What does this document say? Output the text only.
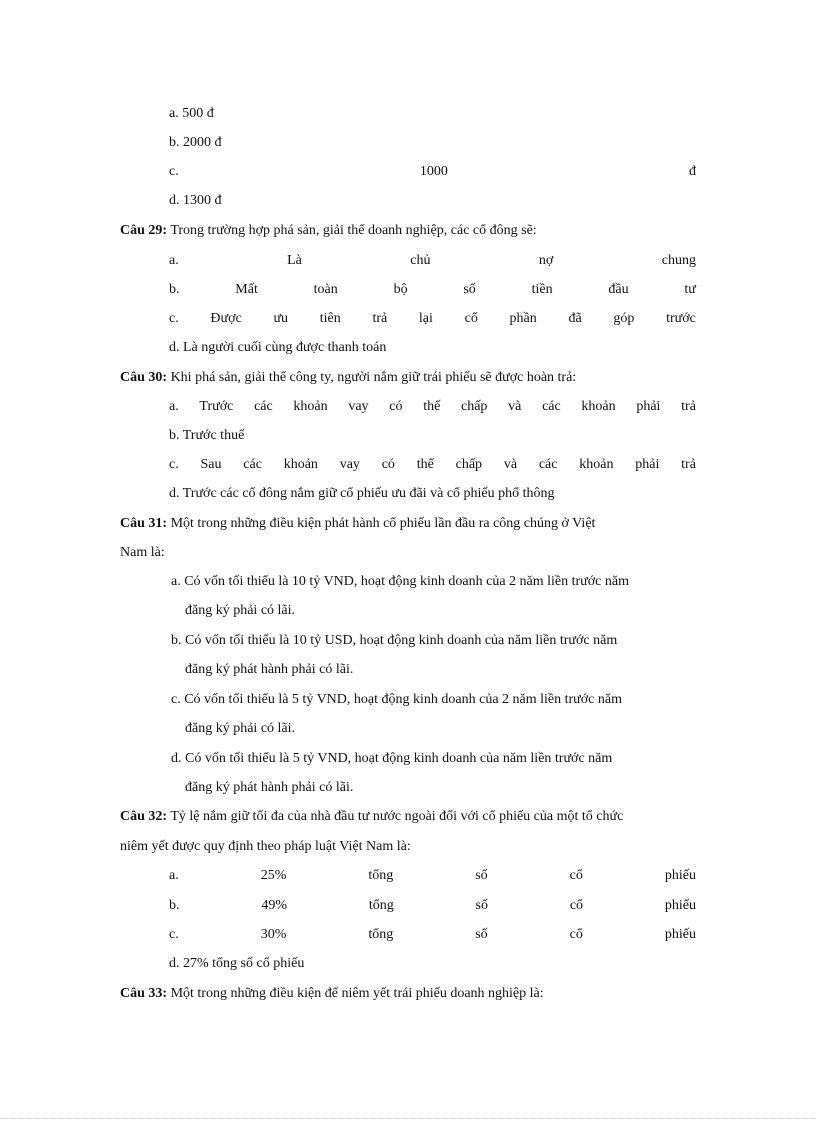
a. 500 đ
b. 2000 đ
c.	1000	đ
d. 1300 đ
Câu 29: Trong trường hợp phá sản, giải thể doanh nghiệp, các cổ đông sẽ:
a.	Là	chủ	nợ	chung
b.	Mất	toàn	bộ	số	tiền	đầu	tư
c. Được ưu tiên trả lại cổ phần đã góp trước
d. Là người cuối cùng được thanh toán
Câu 30: Khi phá sản, giải thể công ty, người nắm giữ trái phiếu sẽ được hoàn trả:
a. Trước các khoản vay có thế chấp và các khoản phải trả
b. Trước thuế
c. Sau các khoản vay có thế chấp và các khoản phải trả
d. Trước các cổ đông nắm giữ cổ phiếu ưu đãi và cổ phiếu phổ thông
Câu 31: Một trong những điều kiện phát hành cổ phiếu lần đầu ra công chúng ở Việt
Nam là:
a. Có vốn tối thiểu là 10 tỷ VND, hoạt động kinh doanh của 2 năm liền trước năm
đăng ký phải có lãi.
b. Có vốn tối thiểu là 10 tỷ USD, hoạt động kinh doanh của năm liền trước năm
đăng ký phát hành phải có lãi.
c. Có vốn tối thiểu là 5 tỷ VND, hoạt động kinh doanh của 2 năm liền trước năm
đăng ký phải có lãi.
d. Có vốn tối thiểu là 5 tỷ VND, hoạt động kinh doanh của năm liền trước năm
đăng ký phát hành phải có lãi.
Câu 32: Tỷ lệ nắm giữ tối đa của nhà đầu tư nước ngoài đối với cổ phiếu của một tổ chức
niêm yết được quy định theo pháp luật Việt Nam là:
a.	25%	tổng	số	cổ	phiếu
b.	49%	tổng	số	cổ	phiếu
c.	30%	tổng	số	cổ	phiếu
d. 27% tổng số cổ phiếu
Câu 33: Một trong những điều kiện để niêm yết trái phiếu doanh nghiệp là:
